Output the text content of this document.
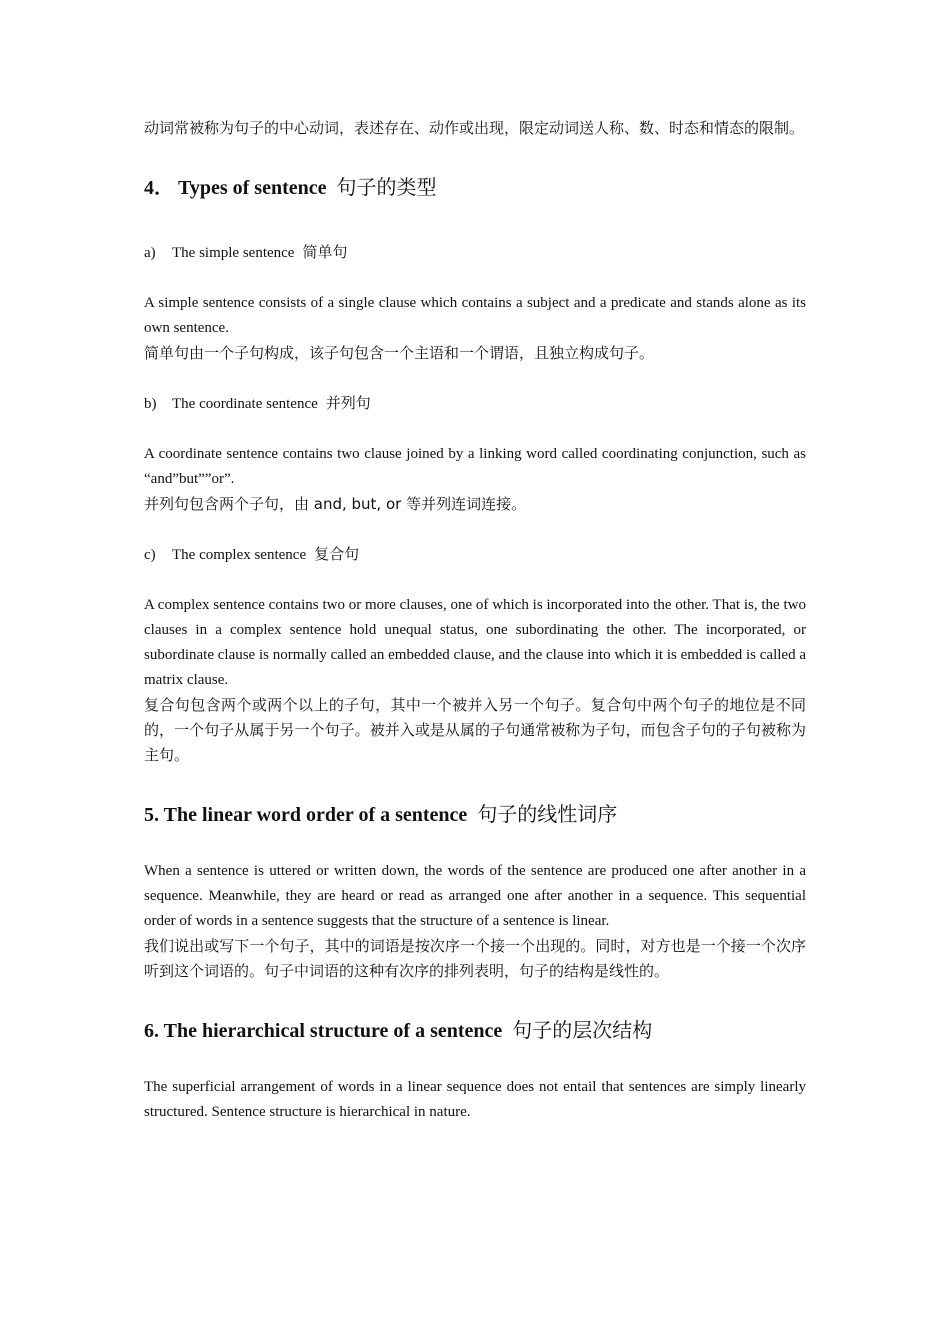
动词常被称为句子的中心动词，表述存在、动作或出现，限定动词送人称、数、时态和情态的限制。

4． Types of sentence 句子的类型

a) The simple sentence 简单句

A simple sentence consists of a single clause which contains a subject and a predicate and stands alone as its own sentence.

简单句由一个子句构成，该子句包含一个主语和一个谓语，且独立构成句子。

b) The coordinate sentence 并列句

A coordinate sentence contains two clause joined by a linking word called coordinating conjunction, such as “and”but””or”.

并列句包含两个子句，由 and, but, or 等并列连词连接。

c) The complex sentence 复合句

A complex sentence contains two or more clauses, one of which is incorporated into the other. That is, the two clauses in a complex sentence hold unequal status, one subordinating the other. The incorporated, or subordinate clause is normally called an embedded clause, and the clause into which it is embedded is called a matrix clause.

复合句包含两个或两个以上的子句，其中一个被并入另一个句子。复合句中两个句子的地位是不同的，一个句子从属于另一个句子。被并入或是从属的子句通常被称为子句，而包含子句的子句被称为主句。

5. The linear word order of a sentence 句子的线性词序

When a sentence is uttered or written down, the words of the sentence are produced one after another in a sequence. Meanwhile, they are heard or read as arranged one after another in a sequence. This sequential order of words in a sentence suggests that the structure of a sentence is linear.

我们说出或写下一个句子，其中的词语是按次序一个接一个出现的。同时，对方也是一个接一个次序听到这个词语的。句子中词语的这种有次序的排列表明，句子的结构是线性的。

6. The hierarchical structure of a sentence 句子的层次结构

The superficial arrangement of words in a linear sequence does not entail that sentences are simply linearly structured. Sentence structure is hierarchical in nature.
